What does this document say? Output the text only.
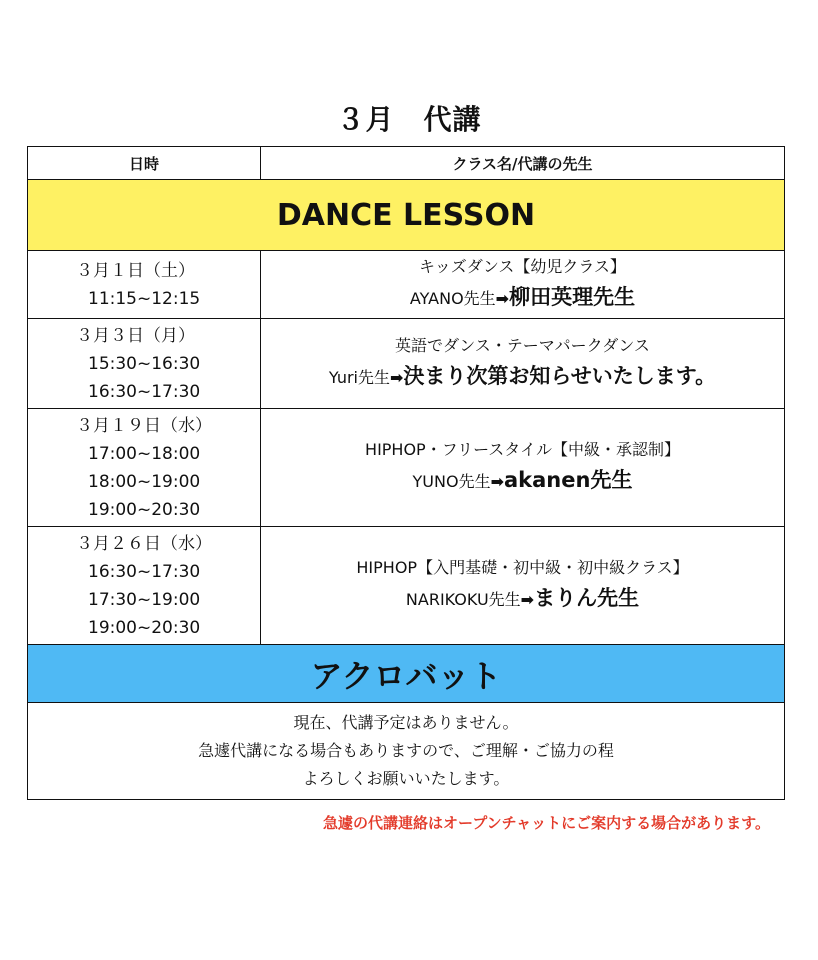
３月　代講
日時	クラス名/代講の先生
DANCE LESSON	

３月１日（土）
11:15~12:15	キッズダンス【幼児クラス】
AYANO先生➡柳田英理先生

３月３日（月）
15:30~16:30
16:30~17:30	英語でダンス・テーマパークダンス
Yuri先生➡決まり次第お知らせいたします。

３月１９日（水）
17:00~18:00
18:00~19:00
19:00~20:30	HIPHOP・フリースタイル【中級・承認制】
YUNO先生➡akanen先生

３月２６日（水）
16:30~17:30
17:30~19:00
19:00~20:30	HIPHOP【入門基礎・初中級・初中級クラス】
NARIKOKU先生➡まりん先生

アクロバット	

現在、代講予定はありません。
急遽代講になる場合もありますので、ご理解・ご協力の程
よろしくお願いいたします。	
急遽の代講連絡はオープンチャットにご案内する場合があります。
